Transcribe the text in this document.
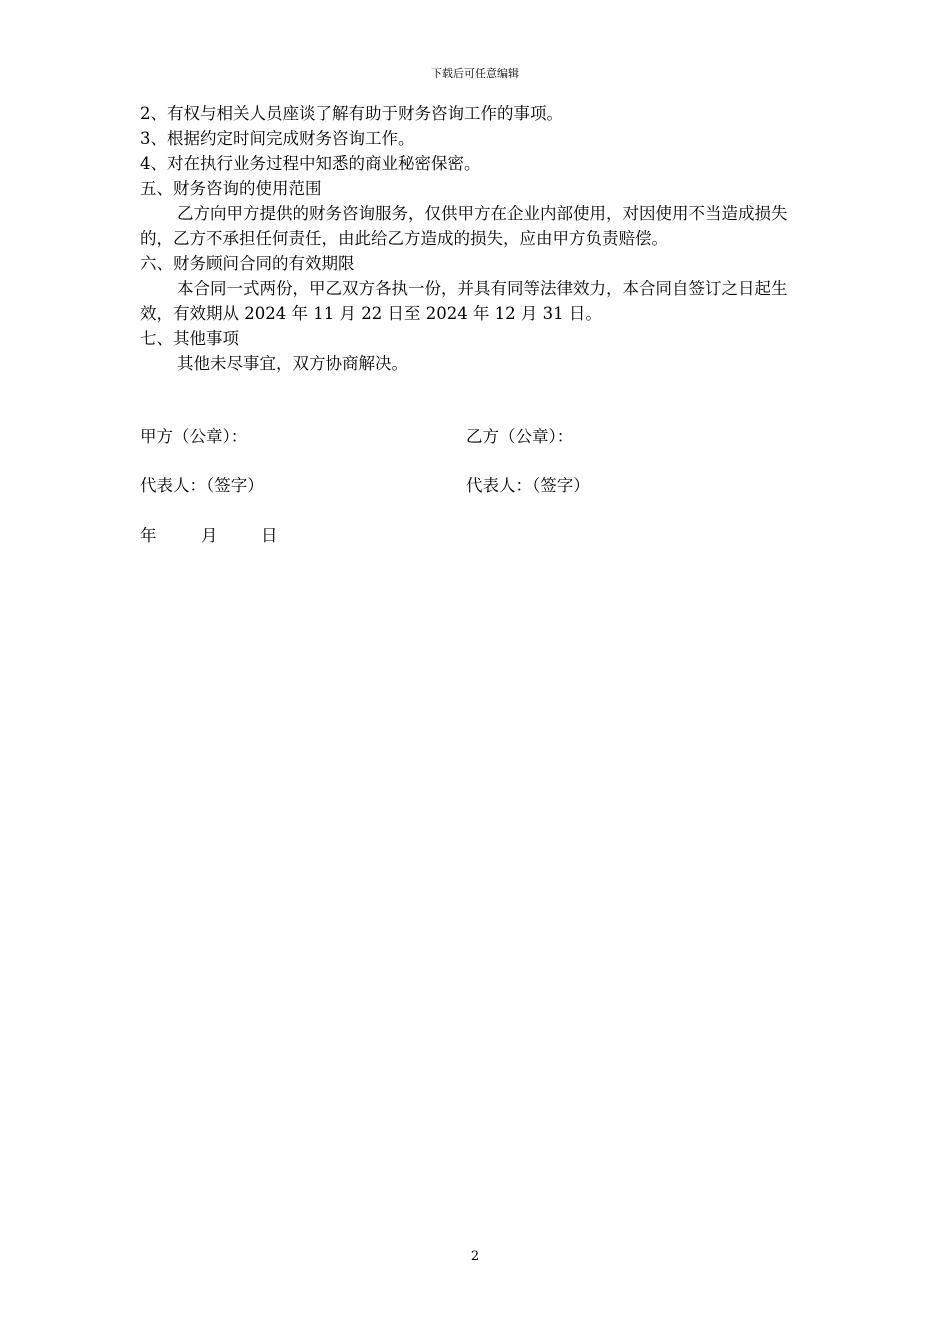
下载后可任意编辑

2、有权与相关人员座谈了解有助于财务咨询工作的事项。

3、根据约定时间完成财务咨询工作。

4、对在执行业务过程中知悉的商业秘密保密。

五、财务咨询的使用范围

乙方向甲方提供的财务咨询服务，仅供甲方在企业内部使用，对因使用不当造成损失的，乙方不承担任何责任，由此给乙方造成的损失，应由甲方负责赔偿。

六、财务顾问合同的有效期限

本合同一式两份，甲乙双方各执一份，并具有同等法律效力，本合同自签订之日起生效，有效期从 2024 年 11 月 22 日至 2024 年 12 月 31 日。

七、其他事项

其他未尽事宜，双方协商解决。

甲方（公章）：	乙方（公章）：
代表人：（签字）	代表人：（签字）
年	月	日
2
